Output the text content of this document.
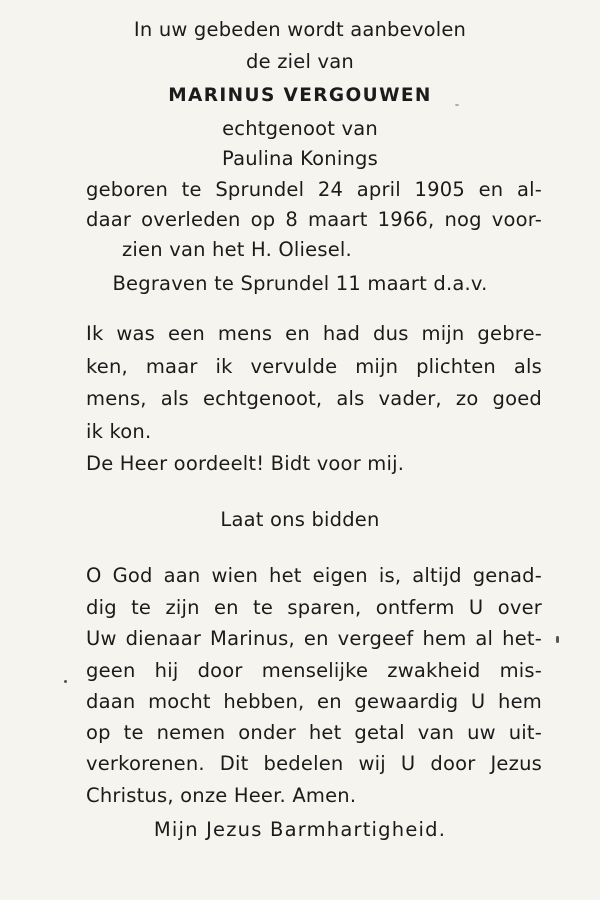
In uw gebeden wordt aanbevolen
de ziel van
MARINUS VERGOUWEN
echtgenoot van
Paulina Konings
geboren te Sprundel 24 april 1905 en al-
daar overleden op 8 maart 1966, nog voor-
zien van het H. Oliesel.
Begraven te Sprundel 11 maart d.a.v.
Ik was een mens en had dus mijn gebre-
ken, maar ik vervulde mijn plichten als
mens, als echtgenoot, als vader, zo goed
ik kon.
De Heer oordeelt! Bidt voor mij.
Laat ons bidden
O God aan wien het eigen is, altijd genad-
dig te zijn en te sparen, ontferm U over
Uw dienaar Marinus, en vergeef hem al het-
geen hij door menselijke zwakheid mis-
daan mocht hebben, en gewaardig U hem
op te nemen onder het getal van uw uit-
verkorenen. Dit bedelen wij U door Jezus
Christus, onze Heer. Amen.
Mijn Jezus Barmhartigheid.
